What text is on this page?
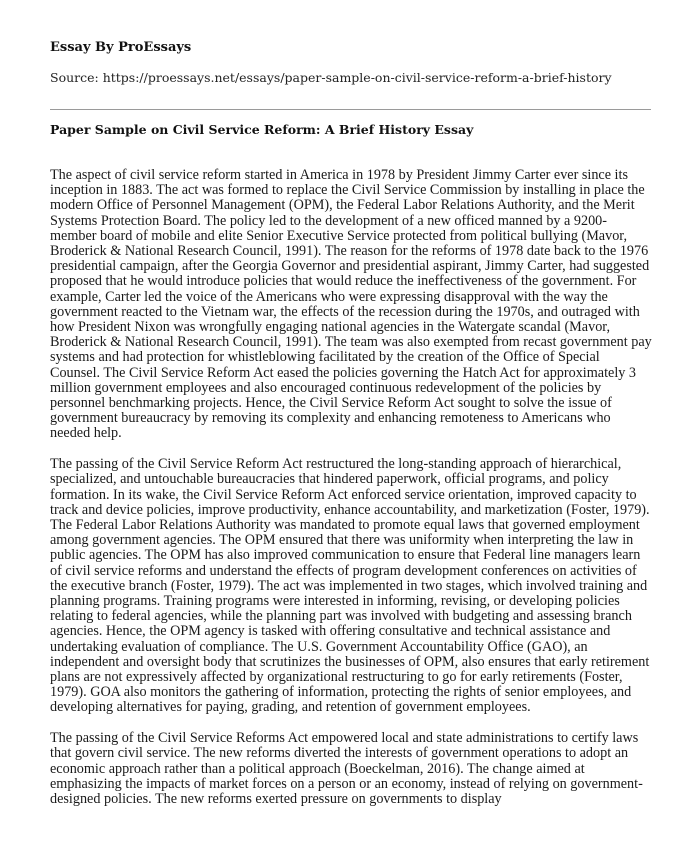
Essay By ProEssays
Source: https://proessays.net/essays/paper-sample-on-civil-service-reform-a-brief-history
Paper Sample on Civil Service Reform: A Brief History Essay

The aspect of civil service reform started in America in 1978 by President Jimmy Carter ever since its inception in 1883. The act was formed to replace the Civil Service Commission by installing in place the modern Office of Personnel Management (OPM), the Federal Labor Relations Authority, and the Merit Systems Protection Board. The policy led to the development of a new officed manned by a 9200-member board of mobile and elite Senior Executive Service protected from political bullying (Mavor, Broderick & National Research Council, 1991). The reason for the reforms of 1978 date back to the 1976 presidential campaign, after the Georgia Governor and presidential aspirant, Jimmy Carter, had suggested proposed that he would introduce policies that would reduce the ineffectiveness of the government. For example, Carter led the voice of the Americans who were expressing disapproval with the way the government reacted to the Vietnam war, the effects of the recession during the 1970s, and outraged with how President Nixon was wrongfully engaging national agencies in the Watergate scandal (Mavor, Broderick & National Research Council, 1991). The team was also exempted from recast government pay systems and had protection for whistleblowing facilitated by the creation of the Office of Special Counsel. The Civil Service Reform Act eased the policies governing the Hatch Act for approximately 3 million government employees and also encouraged continuous redevelopment of the policies by personnel benchmarking projects. Hence, the Civil Service Reform Act sought to solve the issue of government bureaucracy by removing its complexity and enhancing remoteness to Americans who needed help.

The passing of the Civil Service Reform Act restructured the long-standing approach of hierarchical, specialized, and untouchable bureaucracies that hindered paperwork, official programs, and policy formation. In its wake, the Civil Service Reform Act enforced service orientation, improved capacity to track and device policies, improve productivity, enhance accountability, and marketization (Foster, 1979). The Federal Labor Relations Authority was mandated to promote equal laws that governed employment among government agencies. The OPM ensured that there was uniformity when interpreting the law in public agencies. The OPM has also improved communication to ensure that Federal line managers learn of civil service reforms and understand the effects of program development conferences on activities of the executive branch (Foster, 1979). The act was implemented in two stages, which involved training and planning programs. Training programs were interested in informing, revising, or developing policies relating to federal agencies, while the planning part was involved with budgeting and assessing branch agencies. Hence, the OPM agency is tasked with offering consultative and technical assistance and undertaking evaluation of compliance. The U.S. Government Accountability Office (GAO), an independent and oversight body that scrutinizes the businesses of OPM, also ensures that early retirement plans are not expressively affected by organizational restructuring to go for early retirements (Foster, 1979). GOA also monitors the gathering of information, protecting the rights of senior employees, and developing alternatives for paying, grading, and retention of government employees.

The passing of the Civil Service Reforms Act empowered local and state administrations to certify laws that govern civil service. The new reforms diverted the interests of government operations to adopt an economic approach rather than a political approach (Boeckelman, 2016). The change aimed at emphasizing the impacts of market forces on a person or an economy, instead of relying on government-designed policies. The new reforms exerted pressure on governments to display
